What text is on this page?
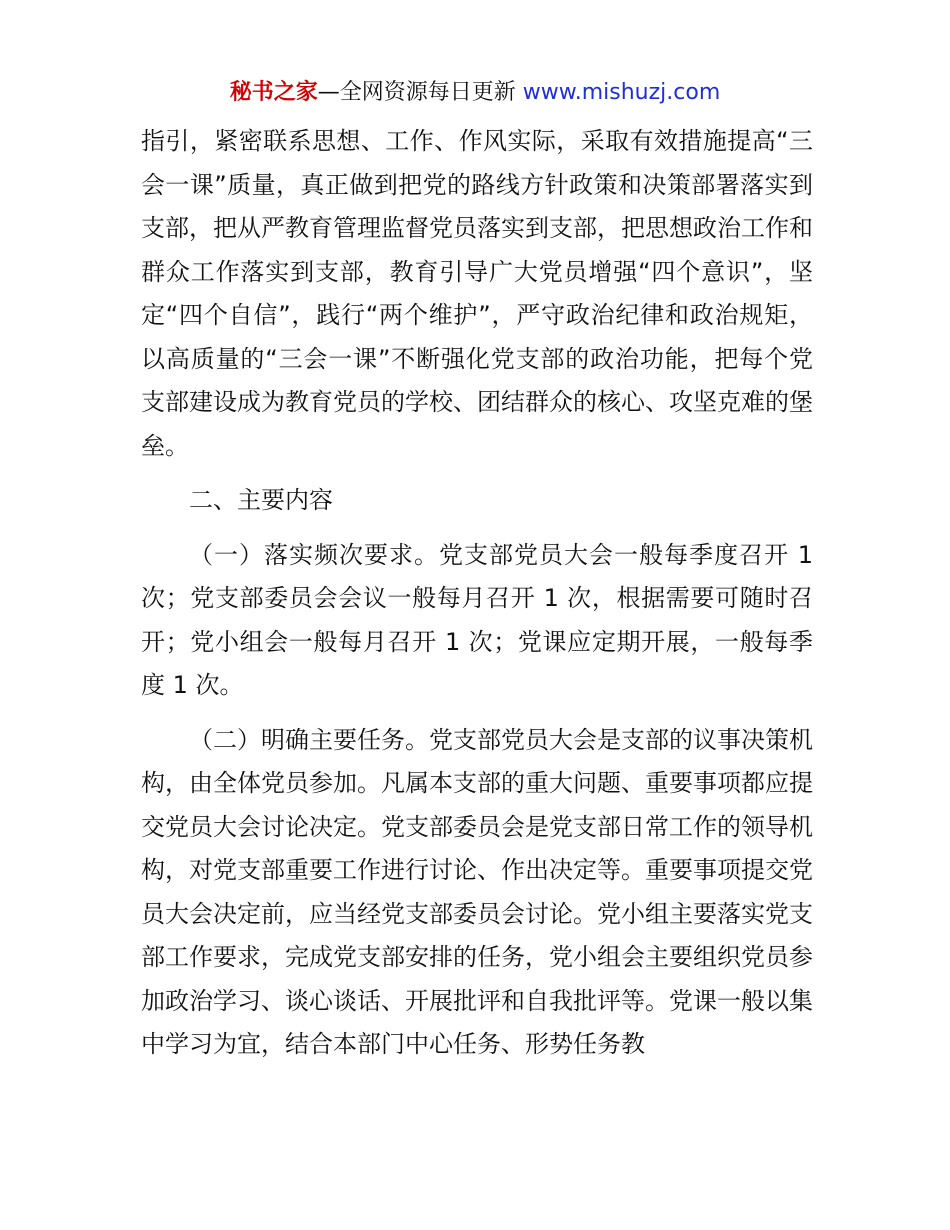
秘书之家—全网资源每日更新 www.mishuzj.com

指引，紧密联系思想、工作、作风实际，采取有效措施提高“三会一课”质量，真正做到把党的路线方针政策和决策部署落实到支部，把从严教育管理监督党员落实到支部，把思想政治工作和群众工作落实到支部，教育引导广大党员增强“四个意识”，坚定“四个自信”，践行“两个维护”，严守政治纪律和政治规矩，以高质量的“三会一课”不断强化党支部的政治功能，把每个党支部建设成为教育党员的学校、团结群众的核心、攻坚克难的堡垒。

二、主要内容

（一）落实频次要求。党支部党员大会一般每季度召开 1 次；党支部委员会会议一般每月召开 1 次，根据需要可随时召开；党小组会一般每月召开 1 次；党课应定期开展，一般每季度 1 次。

（二）明确主要任务。党支部党员大会是支部的议事决策机构，由全体党员参加。凡属本支部的重大问题、重要事项都应提交党员大会讨论决定。党支部委员会是党支部日常工作的领导机构，对党支部重要工作进行讨论、作出决定等。重要事项提交党员大会决定前，应当经党支部委员会讨论。党小组主要落实党支部工作要求，完成党支部安排的任务，党小组会主要组织党员参加政治学习、谈心谈话、开展批评和自我批评等。党课一般以集中学习为宜，结合本部门中心任务、形势任务教
